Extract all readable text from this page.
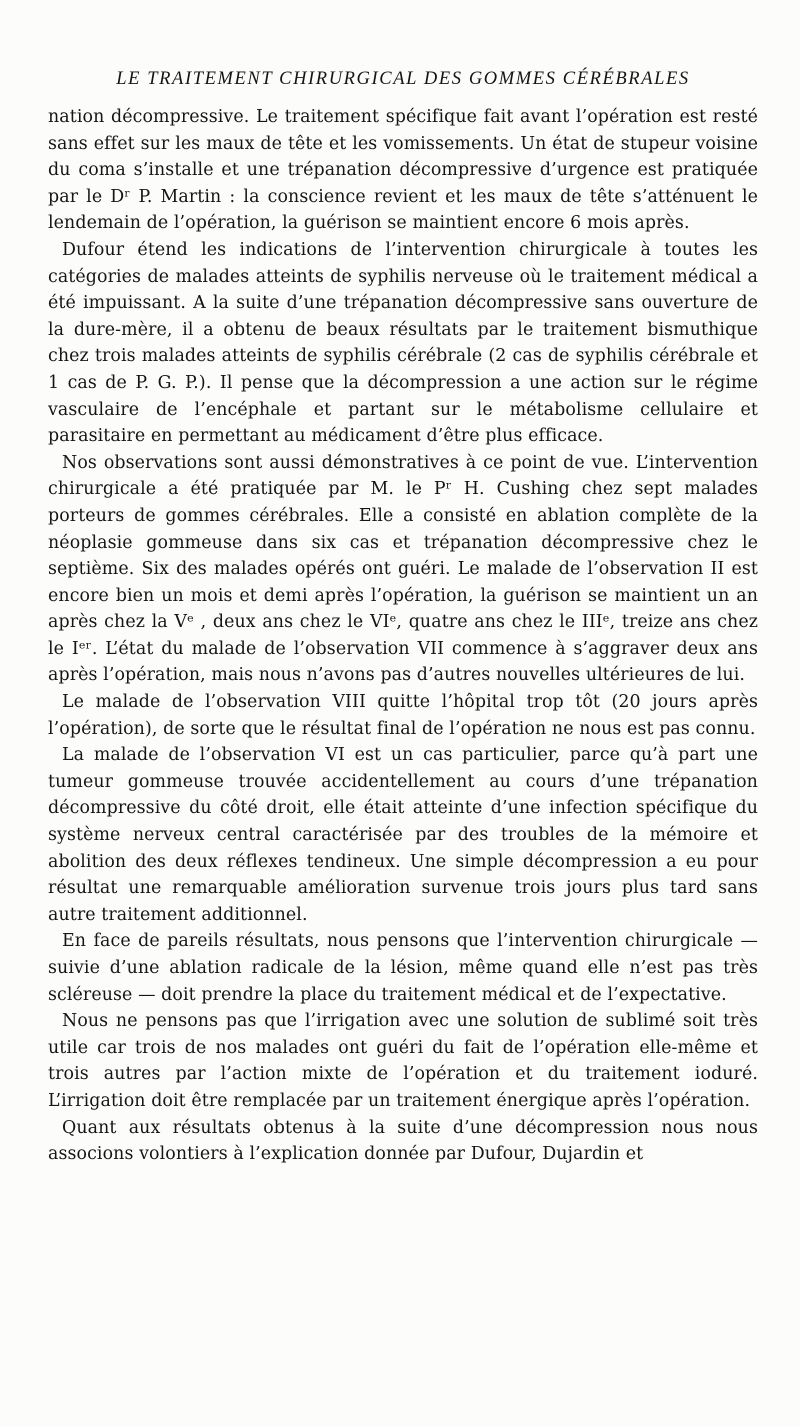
LE TRAITEMENT CHIRURGICAL DES GOMMES CÉRÉBRALES

nation décompressive. Le traitement spécifique fait avant l’opération est resté sans effet sur les maux de tête et les vomissements. Un état de stupeur voisine du coma s’installe et une trépanation décompressive d’urgence est pratiquée par le Dʳ P. Martin : la conscience revient et les maux de tête s’atténuent le lendemain de l’opération, la guérison se maintient encore 6 mois après.

Dufour étend les indications de l’intervention chirurgicale à toutes les catégories de malades atteints de syphilis nerveuse où le traitement médical a été impuissant. A la suite d’une trépanation décompressive sans ouverture de la dure-mère, il a obtenu de beaux résultats par le traitement bismuthique chez trois malades atteints de syphilis cérébrale (2 cas de syphilis cérébrale et 1 cas de P. G. P.). Il pense que la décompression a une action sur le régime vasculaire de l’encéphale et partant sur le métabolisme cellulaire et parasitaire en permettant au médicament d’être plus efficace.

Nos observations sont aussi démonstratives à ce point de vue. L’intervention chirurgicale a été pratiquée par M. le Pʳ H. Cushing chez sept malades porteurs de gommes cérébrales. Elle a consisté en ablation complète de la néoplasie gommeuse dans six cas et trépanation décompressive chez le septième. Six des malades opérés ont guéri. Le malade de l’observation II est encore bien un mois et demi après l’opération, la guérison se maintient un an après chez la Vᵉ , deux ans chez le VIᵉ, quatre ans chez le IIIᵉ, treize ans chez le Iᵉʳ. L’état du malade de l’observation VII commence à s’aggraver deux ans après l’opération, mais nous n’avons pas d’autres nouvelles ultérieures de lui.

Le malade de l’observation VIII quitte l’hôpital trop tôt (20 jours après l’opération), de sorte que le résultat final de l’opération ne nous est pas connu.

La malade de l’observation VI est un cas particulier, parce qu’à part une tumeur gommeuse trouvée accidentellement au cours d’une trépanation décompressive du côté droit, elle était atteinte d’une infection spécifique du système nerveux central caractérisée par des troubles de la mémoire et abolition des deux réflexes tendineux. Une simple décompression a eu pour résultat une remarquable amélioration survenue trois jours plus tard sans autre traitement additionnel.

En face de pareils résultats, nous pensons que l’intervention chirurgicale — suivie d’une ablation radicale de la lésion, même quand elle n’est pas très scléreuse — doit prendre la place du traitement médical et de l’expectative.

Nous ne pensons pas que l’irrigation avec une solution de sublimé soit très utile car trois de nos malades ont guéri du fait de l’opération elle-même et trois autres par l’action mixte de l’opération et du traitement ioduré. L’irrigation doit être remplacée par un traitement énergique après l’opération.

Quant aux résultats obtenus à la suite d’une décompression nous nous associons volontiers à l’explication donnée par Dufour, Dujardin et
